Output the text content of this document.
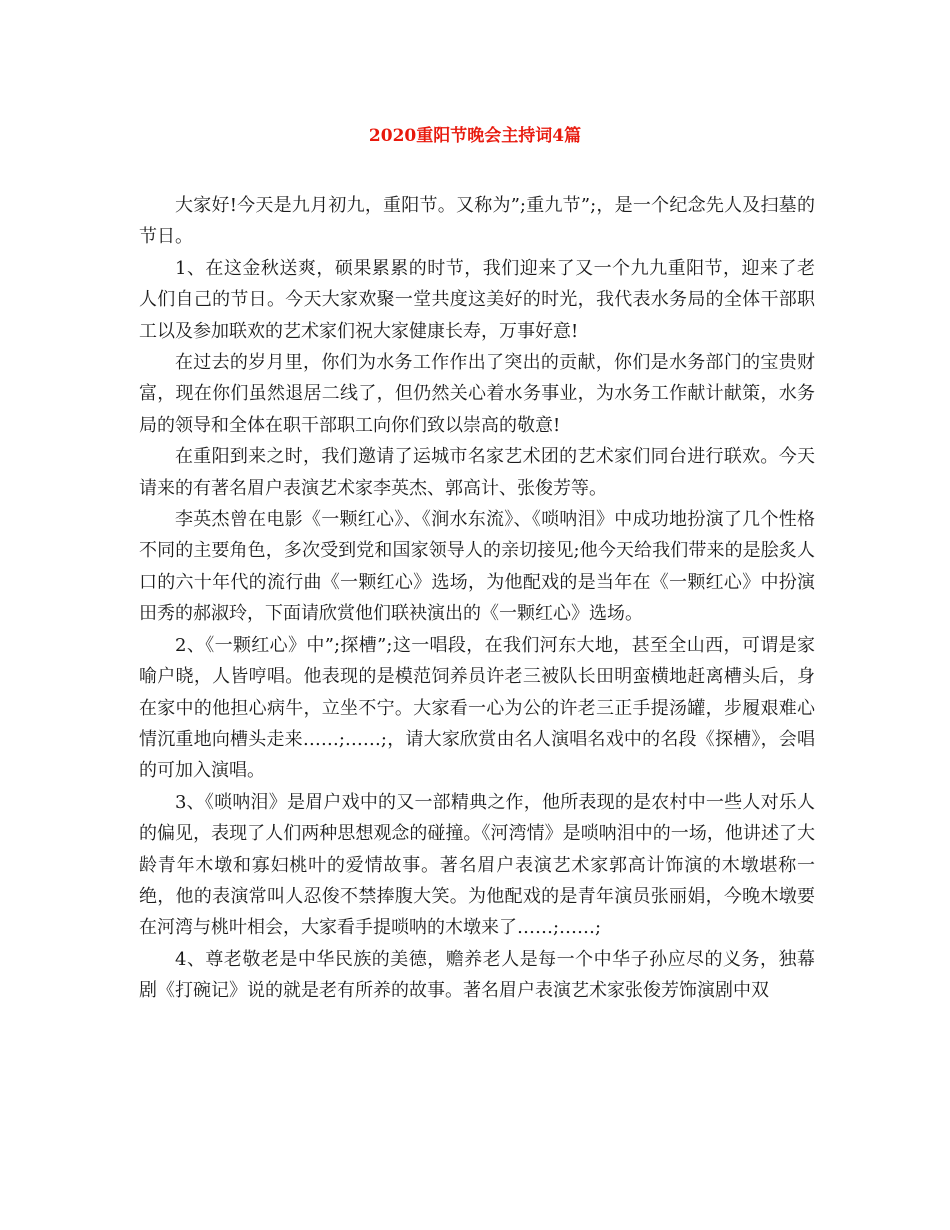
2020重阳节晚会主持词4篇

大家好!今天是九月初九，重阳节。又称为”;重九节”;，是一个纪念先人及扫墓的节日。

1、在这金秋送爽，硕果累累的时节，我们迎来了又一个九九重阳节，迎来了老人们自己的节日。今天大家欢聚一堂共度这美好的时光，我代表水务局的全体干部职工以及参加联欢的艺术家们祝大家健康长寿，万事好意!

在过去的岁月里，你们为水务工作作出了突出的贡献，你们是水务部门的宝贵财富，现在你们虽然退居二线了，但仍然关心着水务事业，为水务工作献计献策，水务局的领导和全体在职干部职工向你们致以崇高的敬意!

在重阳到来之时，我们邀请了运城市名家艺术团的艺术家们同台进行联欢。今天请来的有著名眉户表演艺术家李英杰、郭高计、张俊芳等。

李英杰曾在电影《一颗红心》、《涧水东流》、《唢呐泪》中成功地扮演了几个性格不同的主要角色，多次受到党和国家领导人的亲切接见;他今天给我们带来的是脍炙人口的六十年代的流行曲《一颗红心》选场，为他配戏的是当年在《一颗红心》中扮演田秀的郝淑玲，下面请欣赏他们联袂演出的《一颗红心》选场。

2、《一颗红心》中”;探槽”;这一唱段，在我们河东大地，甚至全山西，可谓是家喻户晓，人皆哼唱。他表现的是模范饲养员许老三被队长田明蛮横地赶离槽头后，身在家中的他担心病牛，立坐不宁。大家看一心为公的许老三正手提汤罐，步履艰难心情沉重地向槽头走来……;……;，请大家欣赏由名人演唱名戏中的名段《探槽》，会唱的可加入演唱。

3、《唢呐泪》是眉户戏中的又一部精典之作，他所表现的是农村中一些人对乐人的偏见，表现了人们两种思想观念的碰撞。《河湾情》是唢呐泪中的一场，他讲述了大龄青年木墩和寡妇桃叶的爱情故事。著名眉户表演艺术家郭高计饰演的木墩堪称一绝，他的表演常叫人忍俊不禁捧腹大笑。为他配戏的是青年演员张丽娟，今晚木墩要在河湾与桃叶相会，大家看手提唢呐的木墩来了……;……;

4、尊老敬老是中华民族的美德，赡养老人是每一个中华子孙应尽的义务，独幕剧《打碗记》说的就是老有所养的故事。著名眉户表演艺术家张俊芳饰演剧中双
